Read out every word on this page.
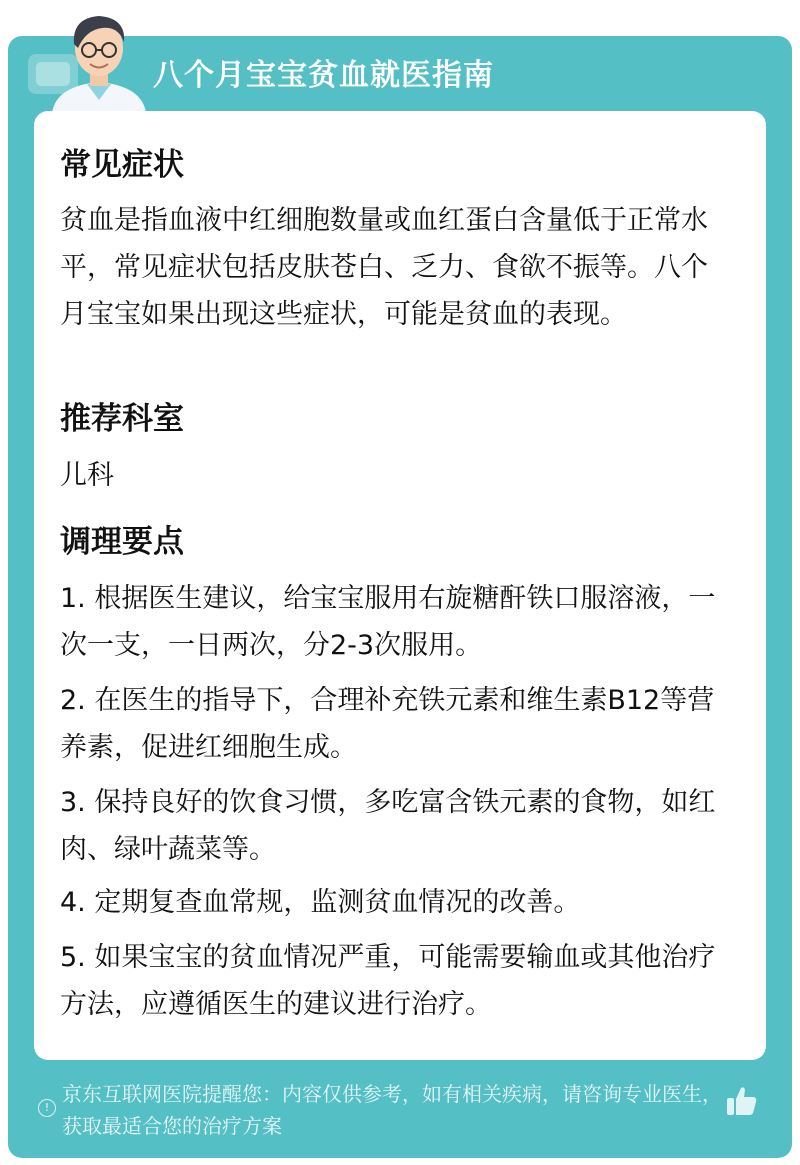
八个月宝宝贫血就医指南
常见症状
贫血是指血液中红细胞数量或血红蛋白含量低于正常水平，常见症状包括皮肤苍白、乏力、食欲不振等。八个月宝宝如果出现这些症状，可能是贫血的表现。
推荐科室
儿科
调理要点
1. 根据医生建议，给宝宝服用右旋糖酐铁口服溶液，一次一支，一日两次，分2-3次服用。
2. 在医生的指导下，合理补充铁元素和维生素B12等营养素，促进红细胞生成。
3. 保持良好的饮食习惯，多吃富含铁元素的食物，如红肉、绿叶蔬菜等。
4. 定期复查血常规，监测贫血情况的改善。
5. 如果宝宝的贫血情况严重，可能需要输血或其他治疗方法，应遵循医生的建议进行治疗。
!
京东互联网医院提醒您：内容仅供参考，如有相关疾病，请咨询专业医生，获取最适合您的治疗方案
